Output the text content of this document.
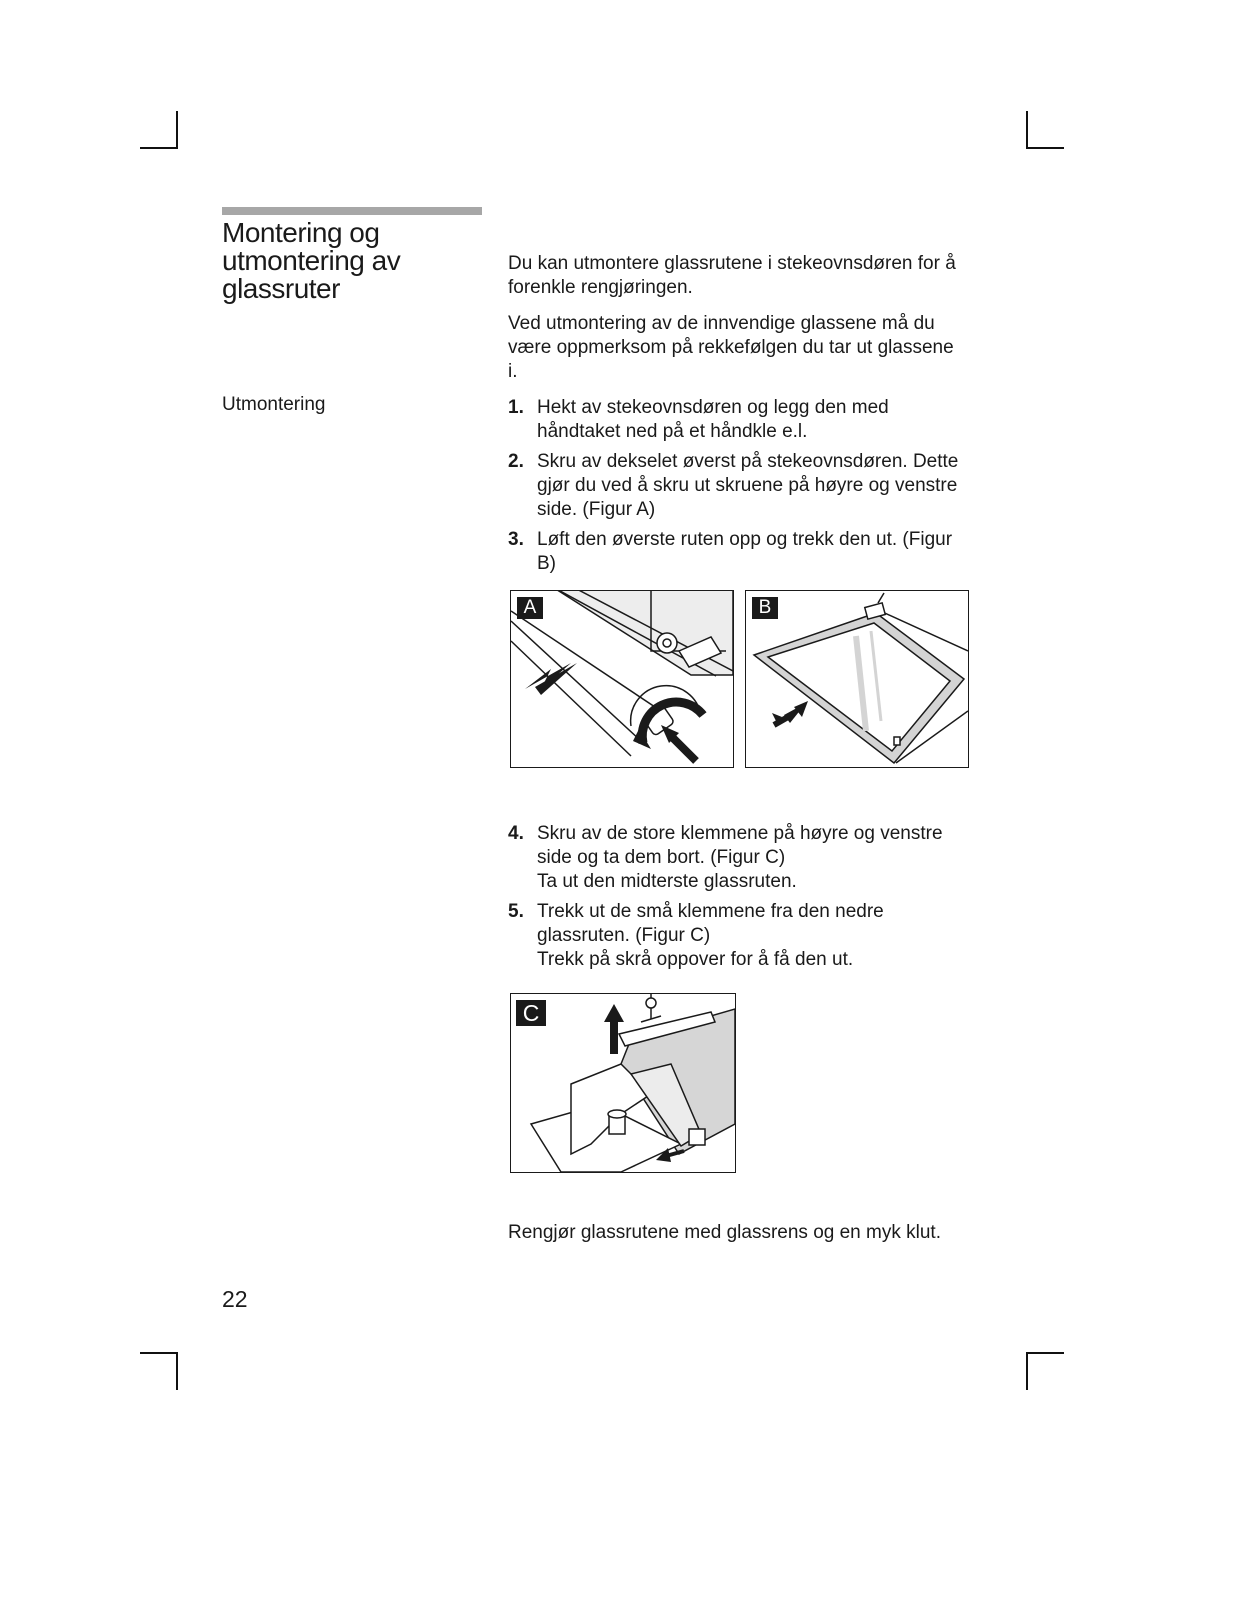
Montering og
utmontering av
glassruter
Utmontering

Du kan utmontere glassrutene i stekeovnsdøren for å forenkle rengjøringen.

Ved utmontering av de innvendige glassene må du være oppmerksom på rekkefølgen du tar ut glassene i.

1. Hekt av stekeovnsdøren og legg den med håndtaket ned på et håndkle e.l.
2. Skru av dekselet øverst på stekeovnsdøren. Dette gjør du ved å skru ut skruene på høyre og venstre side. (Figur A)
3. Løft den øverste ruten opp og trekk den ut. (Figur B)
A	B
4. Skru av de store klemmene på høyre og venstre side og ta dem bort. (Figur C)
Ta ut den midterste glassruten.
5. Trekk ut de små klemmene fra den nedre glassruten. (Figur C)
Trekk på skrå oppover for å få den ut.
C

Rengjør glassrutene med glassrens og en myk klut.

22
